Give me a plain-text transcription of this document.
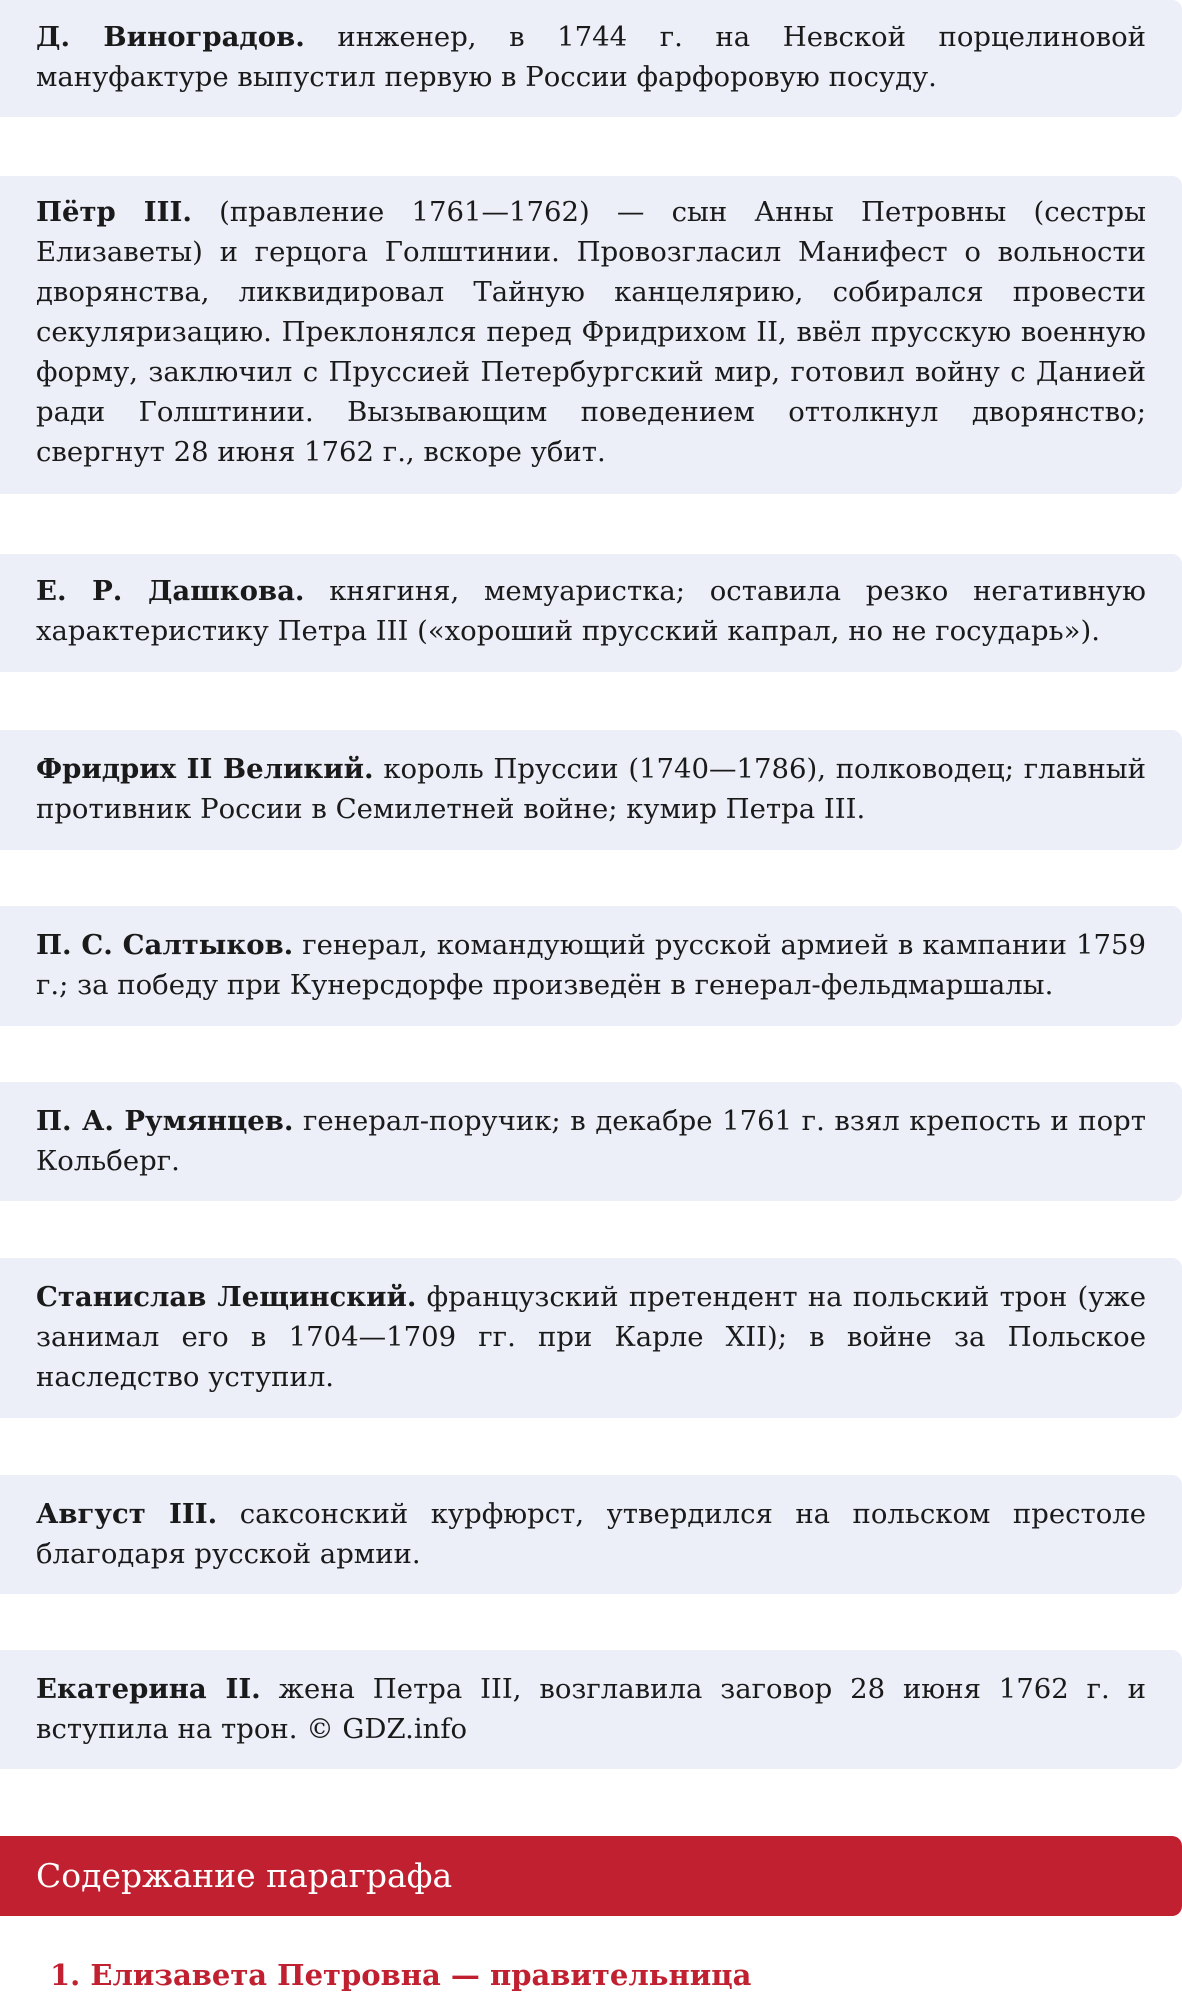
Д. Виноградов. инженер, в 1744 г. на Невской порцелиновой мануфактуре выпустил первую в России фарфоровую посуду.
Пётр III. (правление 1761—1762) — сын Анны Петровны (сестры Елизаветы) и герцога Голштинии. Провозгласил Манифест о вольности дворянства, ликвидировал Тайную канцелярию, собирался провести секуляризацию. Преклонялся перед Фридрихом II, ввёл прусскую военную форму, заключил с Пруссией Петербургский мир, готовил войну с Данией ради Голштинии. Вызывающим поведением оттолкнул дворянство; свергнут 28 июня 1762 г., вскоре убит.
Е. Р. Дашкова. княгиня, мемуаристка; оставила резко негативную характеристику Петра III («хороший прусский капрал, но не государь»).
Фридрих II Великий. король Пруссии (1740—1786), полководец; главный противник России в Семилетней войне; кумир Петра III.
П. С. Салтыков. генерал, командующий русской армией в кампании 1759 г.; за победу при Кунерсдорфе произведён в генерал-фельдмаршалы.
П. А. Румянцев. генерал-поручик; в декабре 1761 г. взял крепость и порт Кольберг.
Станислав Лещинский. французский претендент на польский трон (уже занимал его в 1704—1709 гг. при Карле XII); в войне за Польское наследство уступил.
Август III. саксонский курфюрст, утвердился на польском престоле благодаря русской армии.
Екатерина II. жена Петра III, возглавила заговор 28 июня 1762 г. и вступила на трон. © GDZ.info
Содержание параграфа
1. Елизавета Петровна — правительница
